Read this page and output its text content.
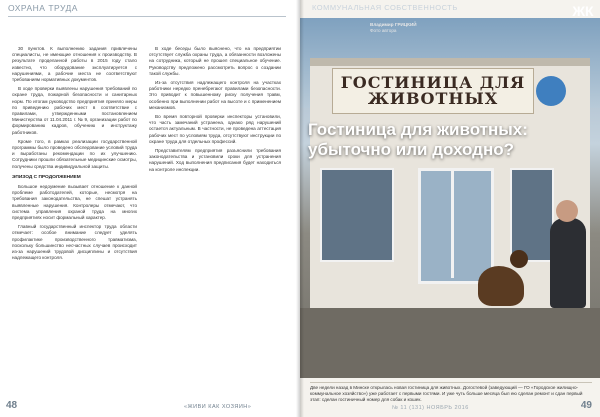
ОХРАНА ТРУДА

30 пунктов. К выполнению задания привлечены специалисты, не имеющие отношения к производству. В результате проделанной работы в 2015 году стало известно, что оборудование эксплуатируется с нарушениями, а рабочие места не соответствуют требованиям нормативных документов.

В ходе проверки выявлены нарушения требований по охране труда, пожарной безопасности и санитарных норм. По итогам руководство предприятия приняло меры по приведению рабочих мест в соответствие с правилами, утвержденными постановлением Министерства от 11.04.2011 г. № 9, организации работ по формированию кадров, обучению и инструктажу работников.

Кроме того, в рамках реализации государственной программы было проведено обследование условий труда и выработаны рекомендации по их улучшению. Сотрудники прошли обязательные медицинские осмотры, получены средства индивидуальной защиты.

ЭПИЗОД С ПРОДОЛЖЕНИЕМ

Большое недоумение вызывает отношение к данной проблеме работодателей, которые, несмотря на требования законодательства, не спешат устранять выявленные нарушения. Контролеры отмечают, что система управления охраной труда на многих предприятиях носит формальный характер.

Главный государственный инспектор труда области отмечает: особое внимание следует уделять профилактике производственного травматизма, поскольку большинство несчастных случаев происходит из-за нарушений трудовой дисциплины и отсутствия надлежащего контроля.

В ходе беседы было выяснено, что на предприятии отсутствует служба охраны труда, а обязанности возложены на сотрудника, который не прошел специальное обучение. Руководству предложено рассмотреть вопрос о создании такой службы.

Из-за отсутствия надлежащего контроля на участках работники нередко пренебрегают правилами безопасности. Это приводит к повышенному риску получения травм, особенно при выполнении работ на высоте и с применением механизмов.

Во время повторной проверки инспекторы установили, что часть замечаний устранена, однако ряд нарушений остается актуальным. В частности, не проведена аттестация рабочих мест по условиям труда, отсутствуют инструкции по охране труда для отдельных профессий.

Представителям предприятия разъяснили требования законодательства и установили сроки для устранения нарушений. Ход выполнения предписания будет находиться на контроле инспекции.

48	«ЖИВИ КАК ХОЗЯИН»
ГОСТИНИЦА ДЛЯ ЖИВОТНЫХ
КОММУНАЛЬНАЯ СОБСТВЕННОСТЬ	ЖК
Владимир ГРИЦКИЙ
Фото автора
Гостиница для животных: убыточно или доходно?
Две недели назад в Минске открылась новая гостиница для животных. Догостевой (заведующий — ГО «Городское жилищно-коммунальное хозяйство») уже работает с первыми гостями. И уже чуть больше месяца был ею сделан ремонт и сдан первый этап: сделан гостиничный номер для собак и кошек.
№ 11 (131) НОЯБРЬ 2016	49
